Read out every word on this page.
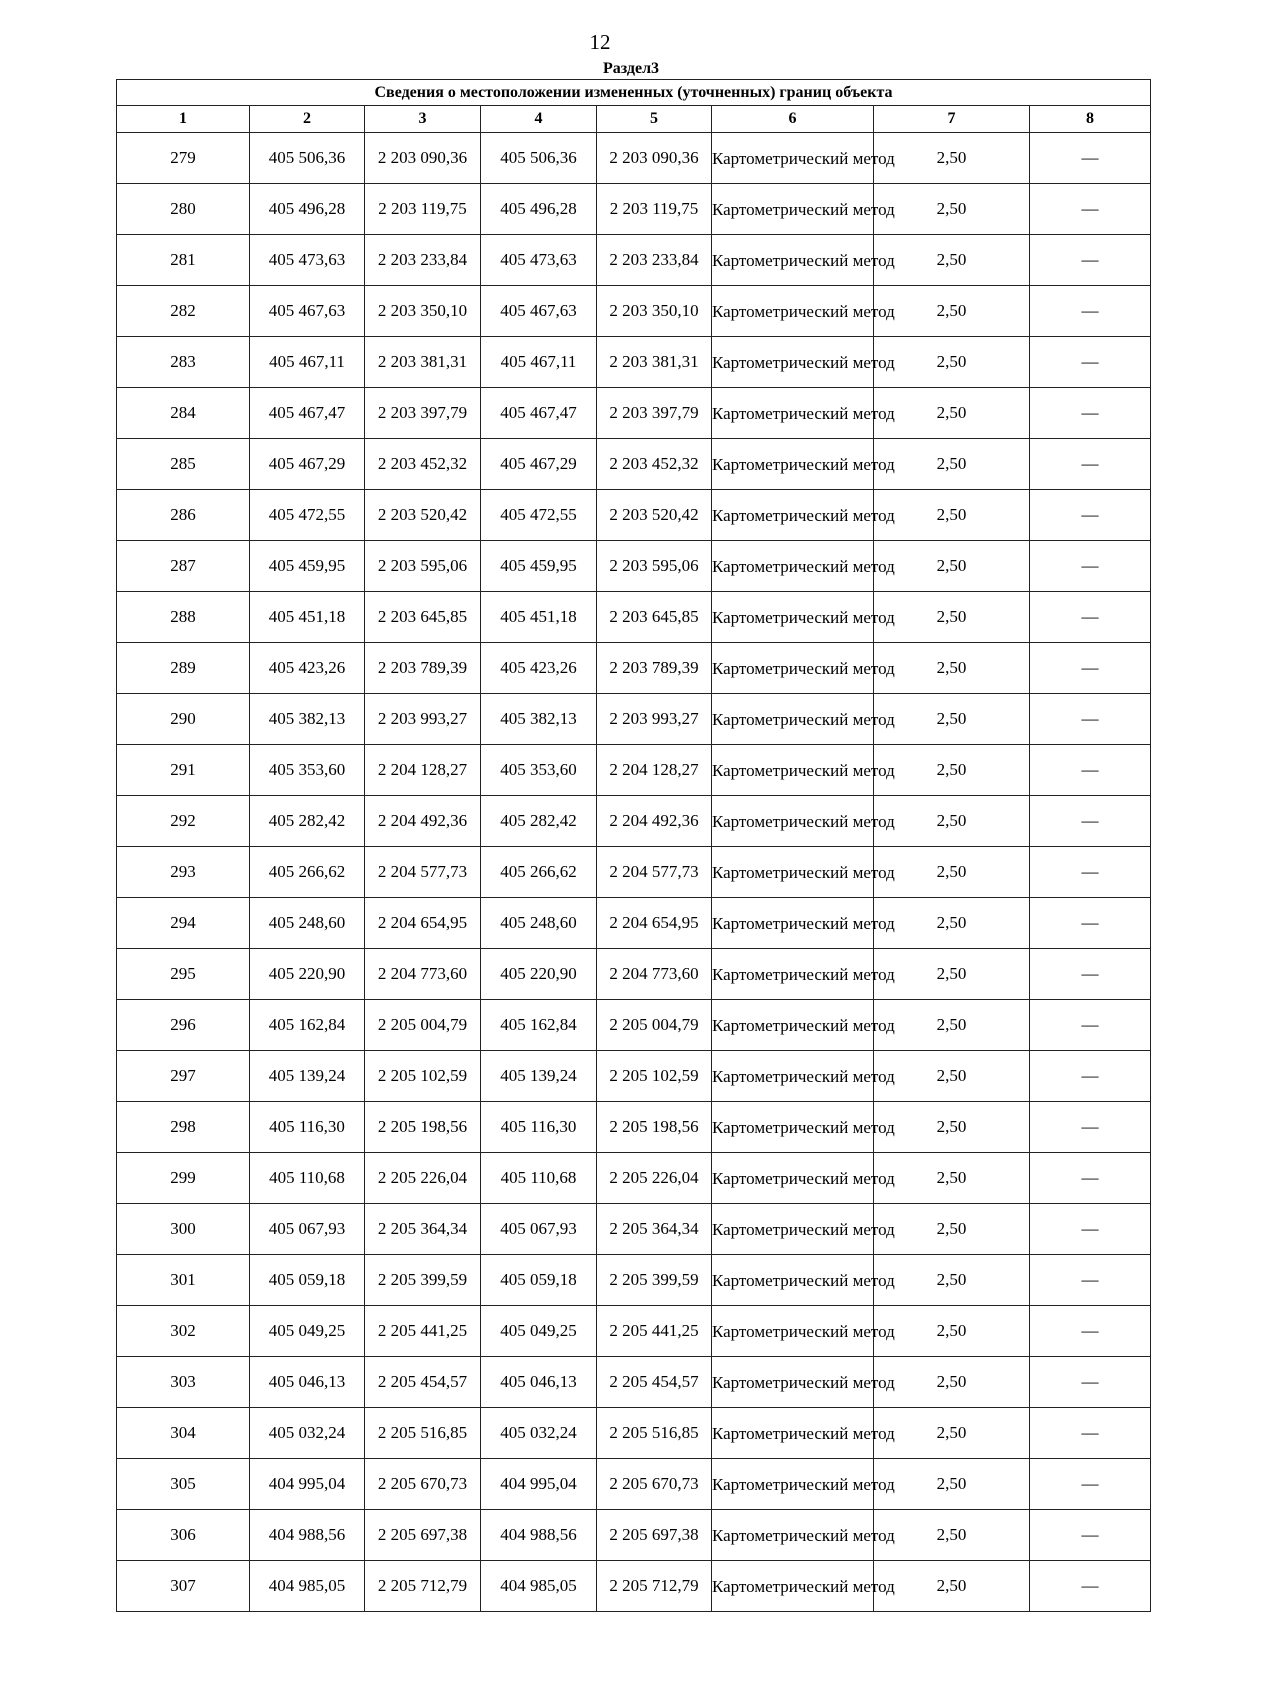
12
Раздел3
Сведения о местоположении измененных (уточненных) границ объекта							
1	2	3	4	5	6	7	8
279	405 506,36	2 203 090,36	405 506,36	2 203 090,36	Картометрический метод	2,50	—
280	405 496,28	2 203 119,75	405 496,28	2 203 119,75	Картометрический метод	2,50	—
281	405 473,63	2 203 233,84	405 473,63	2 203 233,84	Картометрический метод	2,50	—
282	405 467,63	2 203 350,10	405 467,63	2 203 350,10	Картометрический метод	2,50	—
283	405 467,11	2 203 381,31	405 467,11	2 203 381,31	Картометрический метод	2,50	—
284	405 467,47	2 203 397,79	405 467,47	2 203 397,79	Картометрический метод	2,50	—
285	405 467,29	2 203 452,32	405 467,29	2 203 452,32	Картометрический метод	2,50	—
286	405 472,55	2 203 520,42	405 472,55	2 203 520,42	Картометрический метод	2,50	—
287	405 459,95	2 203 595,06	405 459,95	2 203 595,06	Картометрический метод	2,50	—
288	405 451,18	2 203 645,85	405 451,18	2 203 645,85	Картометрический метод	2,50	—
289	405 423,26	2 203 789,39	405 423,26	2 203 789,39	Картометрический метод	2,50	—
290	405 382,13	2 203 993,27	405 382,13	2 203 993,27	Картометрический метод	2,50	—
291	405 353,60	2 204 128,27	405 353,60	2 204 128,27	Картометрический метод	2,50	—
292	405 282,42	2 204 492,36	405 282,42	2 204 492,36	Картометрический метод	2,50	—
293	405 266,62	2 204 577,73	405 266,62	2 204 577,73	Картометрический метод	2,50	—
294	405 248,60	2 204 654,95	405 248,60	2 204 654,95	Картометрический метод	2,50	—
295	405 220,90	2 204 773,60	405 220,90	2 204 773,60	Картометрический метод	2,50	—
296	405 162,84	2 205 004,79	405 162,84	2 205 004,79	Картометрический метод	2,50	—
297	405 139,24	2 205 102,59	405 139,24	2 205 102,59	Картометрический метод	2,50	—
298	405 116,30	2 205 198,56	405 116,30	2 205 198,56	Картометрический метод	2,50	—
299	405 110,68	2 205 226,04	405 110,68	2 205 226,04	Картометрический метод	2,50	—
300	405 067,93	2 205 364,34	405 067,93	2 205 364,34	Картометрический метод	2,50	—
301	405 059,18	2 205 399,59	405 059,18	2 205 399,59	Картометрический метод	2,50	—
302	405 049,25	2 205 441,25	405 049,25	2 205 441,25	Картометрический метод	2,50	—
303	405 046,13	2 205 454,57	405 046,13	2 205 454,57	Картометрический метод	2,50	—
304	405 032,24	2 205 516,85	405 032,24	2 205 516,85	Картометрический метод	2,50	—
305	404 995,04	2 205 670,73	404 995,04	2 205 670,73	Картометрический метод	2,50	—
306	404 988,56	2 205 697,38	404 988,56	2 205 697,38	Картометрический метод	2,50	—
307	404 985,05	2 205 712,79	404 985,05	2 205 712,79	Картометрический метод	2,50	—
